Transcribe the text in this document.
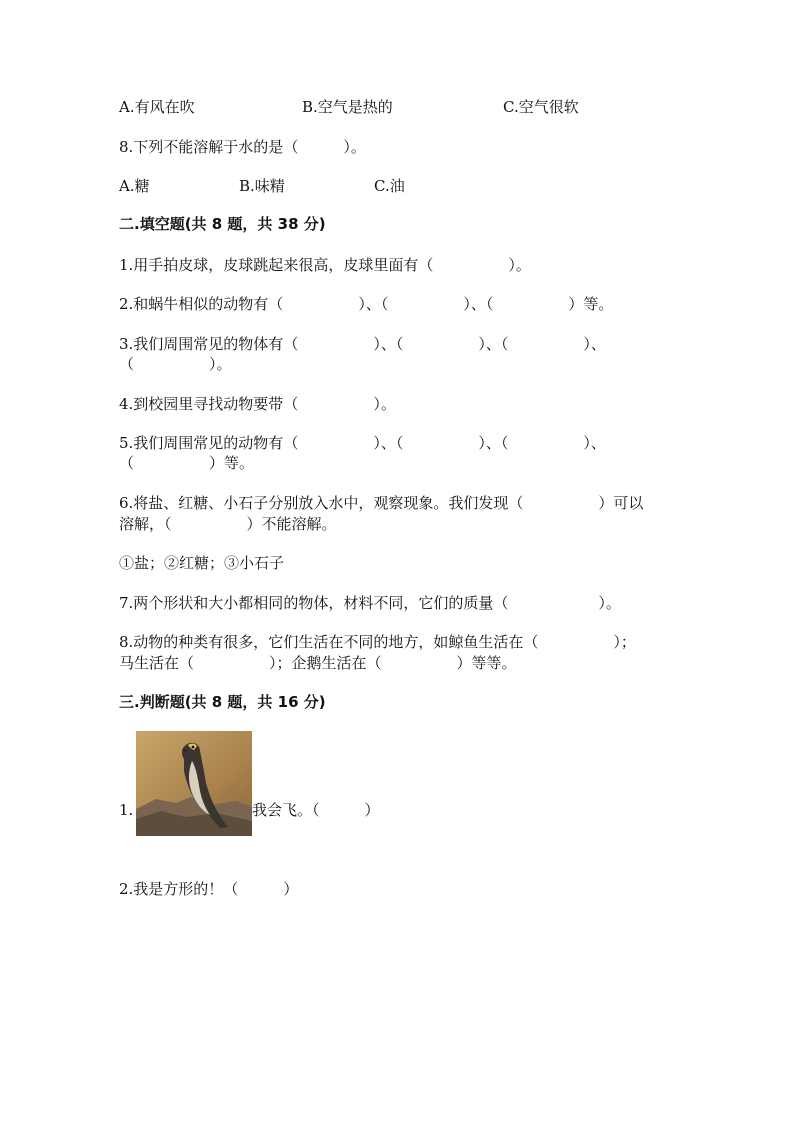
A.有风在吹	B.空气是热的	C.空气很软
8.下列不能溶解于水的是（　　　）。
A.糖	B.味精	C.油
二.填空题(共 8 题，共 38 分)
1.用手拍皮球，皮球跳起来很高，皮球里面有（　　　　　）。
2.和蜗牛相似的动物有（　　　　　）、（　　　　　）、（　　　　　）等。
3.我们周围常见的物体有（　　　　　）、（　　　　　）、（　　　　　）、
（　　　　　）。
4.到校园里寻找动物要带（　　　　　）。
5.我们周围常见的动物有（　　　　　）、（　　　　　）、（　　　　　）、
（　　　　　）等。
6.将盐、红糖、小石子分别放入水中，观察现象。我们发现（　　　　　）可以
溶解，（　　　　　）不能溶解。
①盐；②红糖；③小石子
7.两个形状和大小都相同的物体，材料不同，它们的质量（　　　　　　）。
8.动物的种类有很多，它们生活在不同的地方，如鲸鱼生活在（　　　　　）；
马生活在（　　　　　）；企鹅生活在（　　　　　）等等。
三.判断题(共 8 题，共 16 分)
1.	我会飞。（　　　）
2.我是方形的！（　　　）
